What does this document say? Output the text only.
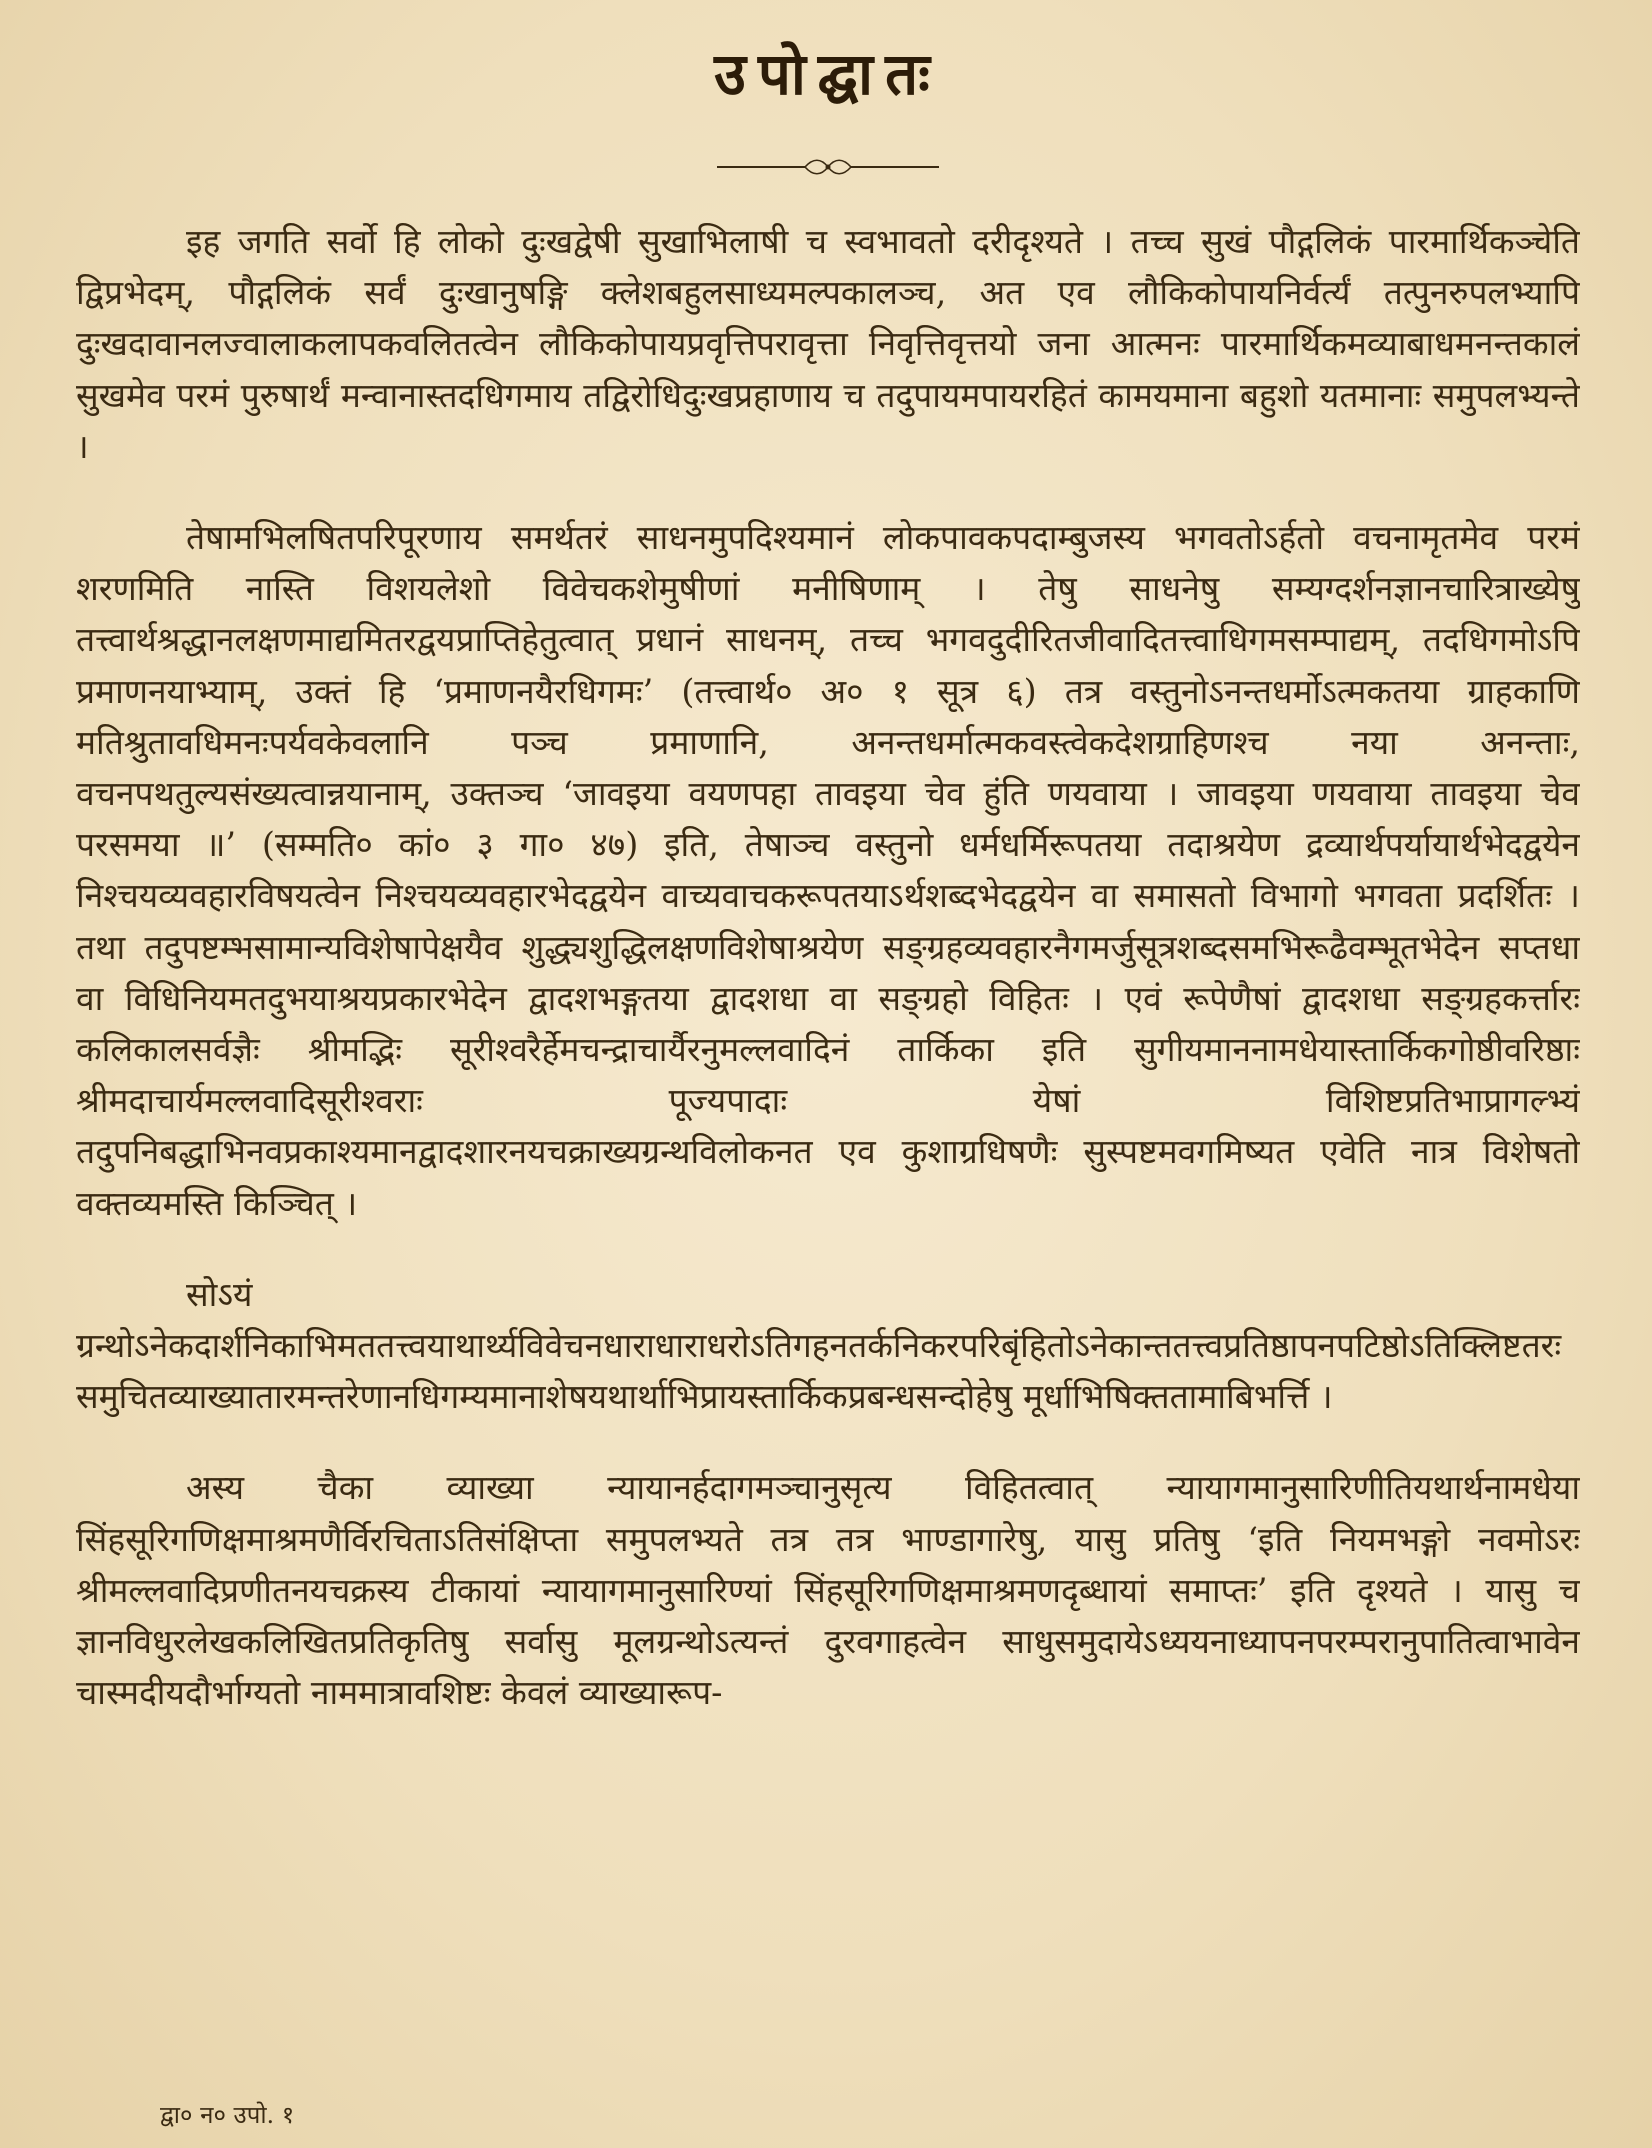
उपोद्घातः

इह जगति सर्वो हि लोको दुःखद्वेषी सुखाभिलाषी च स्वभावतो दरीदृश्यते । तच्च सुखं पौद्गलिकं पारमार्थिकञ्चेति द्विप्रभेदम्, पौद्गलिकं सर्वं दुःखानुषङ्गि क्लेशबहुलसाध्यमल्पकालञ्च, अत एव लौकिकोपायनिर्वर्त्यं तत्पुनरुपलभ्यापि दुःखदावानलज्वालाकलापकवलितत्वेन लौकिकोपायप्रवृत्तिपरावृत्ता निवृत्तिवृत्तयो जना आत्मनः पारमार्थिकमव्याबाधमनन्तकालं सुखमेव परमं पुरुषार्थं मन्वानास्तदधिगमाय तद्विरोधिदुःखप्रहाणाय च तदुपायमपायरहितं कामयमाना बहुशो यतमानाः समुपलभ्यन्ते ।

तेषामभिलषितपरिपूरणाय समर्थतरं साधनमुपदिश्यमानं लोकपावकपदाम्बुजस्य भगवतोऽर्हतो वचनामृतमेव परमं शरणमिति नास्ति विशयलेशो विवेचकशेमुषीणां मनीषिणाम् । तेषु साधनेषु सम्यग्दर्शनज्ञानचारित्राख्येषु तत्त्वार्थश्रद्धानलक्षणमाद्यमितरद्वयप्राप्तिहेतुत्वात् प्रधानं साधनम्, तच्च भगवदुदीरितजीवादितत्त्वाधिगमसम्पाद्यम्, तदधिगमोऽपि प्रमाणनयाभ्याम्, उक्तं हि ‘प्रमाणनयैरधिगमः’ (तत्त्वार्थ० अ० १ सूत्र ६) तत्र वस्तुनोऽनन्तधर्मोऽत्मकतया ग्राहकाणि मतिश्रुतावधिमनःपर्यवकेवलानि पञ्च प्रमाणानि, अनन्तधर्मात्मकवस्त्वेकदेशग्राहिणश्च नया अनन्ताः, वचनपथतुल्यसंख्यत्वान्नयानाम्, उक्तञ्च ‘जावइया वयणपहा तावइया चेव हुंति णयवाया । जावइया णयवाया तावइया चेव परसमया ॥’ (सम्मति० कां० ३ गा० ४७) इति, तेषाञ्च वस्तुनो धर्मधर्मिरूपतया तदाश्रयेण द्रव्यार्थपर्यायार्थभेदद्वयेन निश्चयव्यवहारविषयत्वेन निश्चयव्यवहारभेदद्वयेन वाच्यवाचकरूपतयाऽर्थशब्दभेदद्वयेन वा समासतो विभागो भगवता प्रदर्शितः । तथा तदुपष्टम्भसामान्यविशेषापेक्षयैव शुद्ध्यशुद्धिलक्षणविशेषाश्रयेण सङ्ग्रहव्यवहारनैगमर्जुसूत्रशब्दसमभिरूढैवम्भूतभेदेन सप्तधा वा विधिनियमतदुभयाश्रयप्रकारभेदेन द्वादशभङ्गतया द्वादशधा वा सङ्ग्रहो विहितः । एवं रूपेणैषां द्वादशधा सङ्ग्रहकर्त्तारः कलिकालसर्वज्ञैः श्रीमद्भिः सूरीश्वरैर्हेमचन्द्राचार्यैरनुमल्लवादिनं तार्किका इति सुगीयमाननामधेयास्तार्किकगोष्ठीवरिष्ठाः श्रीमदाचार्यमल्लवादिसूरीश्वराः पूज्यपादाः येषां विशिष्टप्रतिभाप्रागल्भ्यं तदुपनिबद्धाभिनवप्रकाश्यमानद्वादशारनयचक्राख्यग्रन्थविलोकनत एव कुशाग्रधिषणैः सुस्पष्टमवगमिष्यत एवेति नात्र विशेषतो वक्तव्यमस्ति किञ्चित् ।

सोऽयं ग्रन्थोऽनेकदार्शनिकाभिमततत्त्वयाथार्थ्यविवेचनधाराधाराधरोऽतिगहनतर्कनिकरपरिबृंहितोऽनेकान्ततत्त्वप्रतिष्ठापनपटिष्ठोऽतिक्लिष्टतरः समुचितव्याख्यातारमन्तरेणानधिगम्यमानाशेषयथार्थाभिप्रायस्तार्किकप्रबन्धसन्दोहेषु मूर्धाभिषिक्ततामाबिभर्त्ति ।

अस्य चैका व्याख्या न्यायानर्हदागमञ्चानुसृत्य विहितत्वात् न्यायागमानुसारिणीतियथार्थनामधेया सिंहसूरिगणिक्षमाश्रमणैर्विरचिताऽतिसंक्षिप्ता समुपलभ्यते तत्र तत्र भाण्डागारेषु, यासु प्रतिषु ‘इति नियमभङ्गो नवमोऽरः श्रीमल्लवादिप्रणीतनयचक्रस्य टीकायां न्यायागमानुसारिण्यां सिंहसूरिगणिक्षमाश्रमणदृब्धायां समाप्तः’ इति दृश्यते । यासु च ज्ञानविधुरलेखकलिखितप्रतिकृतिषु सर्वासु मूलग्रन्थोऽत्यन्तं दुरवगाहत्वेन साधुसमुदायेऽध्ययनाध्यापनपरम्परानुपातित्वाभावेन चास्मदीयदौर्भाग्यतो नाममात्रावशिष्टः केवलं व्याख्यारूप-

द्वा० न० उपो. १
